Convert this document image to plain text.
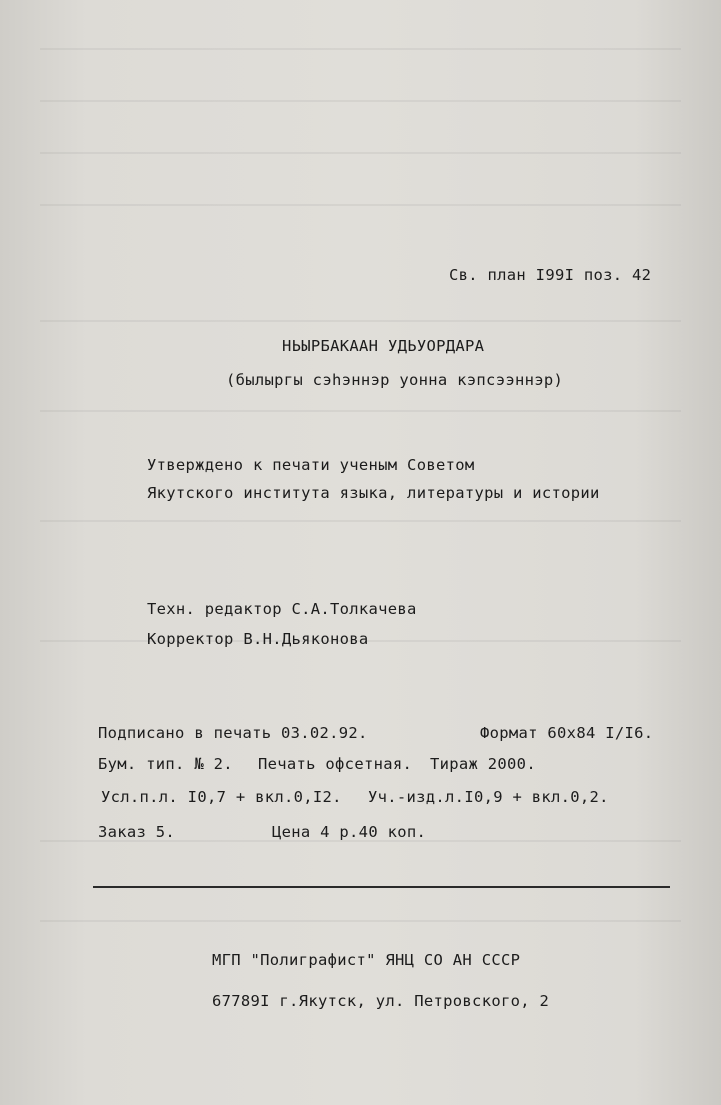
Св. план I99I поз. 42
НЬЫРБАКААН УДЬУОРДАРА
(былыргы сэһэннэр уонна кэпсээннэр)
Утверждено к печати ученым Советом
Якутского института языка, литературы и истории
Техн. редактор С.А.Толкачева
Корректор В.Н.Дьяконова
Подписано в печать 03.02.92.	Формат 60x84 I/I6.
Бум. тип. № 2. Печать офсетная. Тираж 2000.
Усл.п.л. I0,7 + вкл.0,I2. Уч.-изд.л.I0,9 + вкл.0,2.
Заказ 5.	Цена 4 р.40 коп.
МГП "Полиграфист" ЯНЦ СО АН СССР
67789I г.Якутск, ул. Петровского, 2
